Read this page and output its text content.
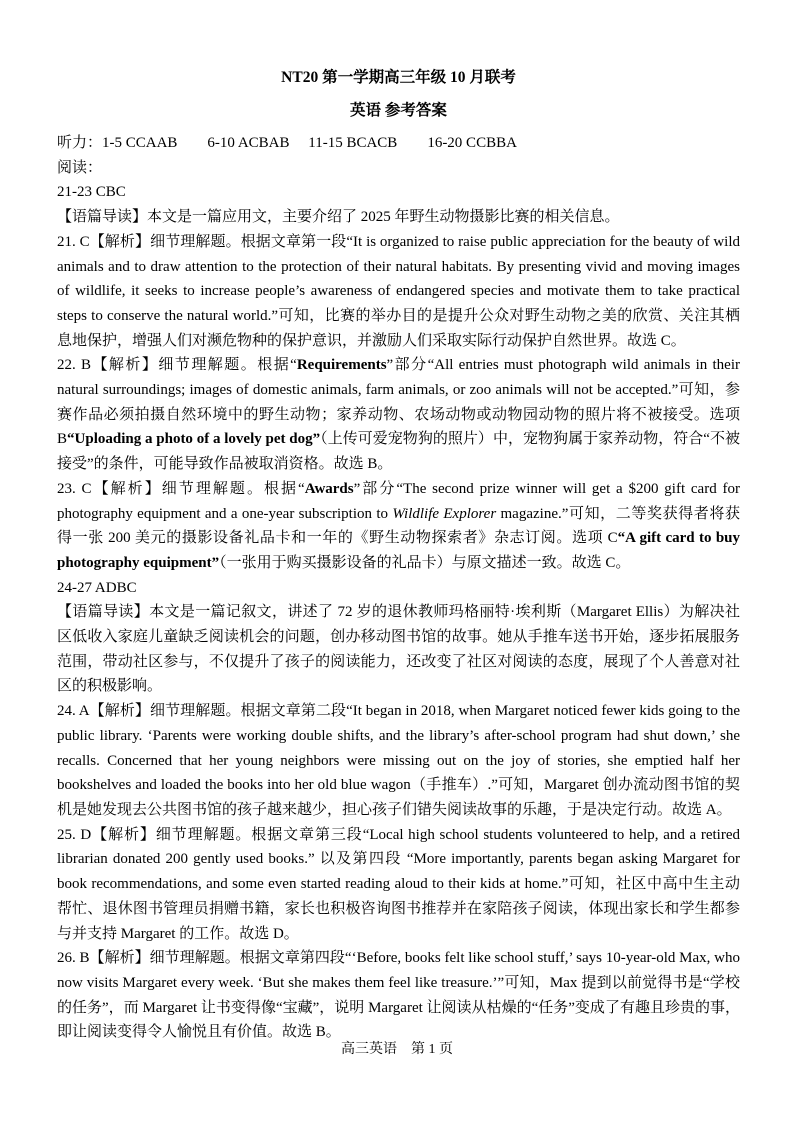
NT20 第一学期高三年级 10 月联考
英语 参考答案
听力：1-5 CCAAB　　6-10 ACBAB　 11-15 BCACB　　16-20 CCBBA
阅读：
21-23 CBC
【语篇导读】本文是一篇应用文，主要介绍了 2025 年野生动物摄影比赛的相关信息。
21. C【解析】细节理解题。根据文章第一段“It is organized to raise public appreciation for the beauty of wild animals and to draw attention to the protection of their natural habitats. By presenting vivid and moving images of wildlife, it seeks to increase people’s awareness of endangered species and motivate them to take practical steps to conserve the natural world.”可知，比赛的举办目的是提升公众对野生动物之美的欣赏、关注其栖息地保护，增强人们对濒危物种的保护意识，并激励人们采取实际行动保护自然世界。故选 C。
22. B【解析】细节理解题。根据“Requirements”部分“All entries must photograph wild animals in their natural surroundings; images of domestic animals, farm animals, or zoo animals will not be accepted.”可知，参赛作品必须拍摄自然环境中的野生动物；家养动物、农场动物或动物园动物的照片将不被接受。选项 B“Uploading a photo of a lovely pet dog”（上传可爱宠物狗的照片）中，宠物狗属于家养动物，符合“不被接受”的条件，可能导致作品被取消资格。故选 B。
23. C【解析】细节理解题。根据“Awards”部分“The second prize winner will get a $200 gift card for photography equipment and a one-year subscription to Wildlife Explorer magazine.”可知，二等奖获得者将获得一张 200 美元的摄影设备礼品卡和一年的《野生动物探索者》杂志订阅。选项 C“A gift card to buy photography equipment”（一张用于购买摄影设备的礼品卡）与原文描述一致。故选 C。
24-27 ADBC
【语篇导读】本文是一篇记叙文，讲述了 72 岁的退休教师玛格丽特·埃利斯（Margaret Ellis）为解决社区低收入家庭儿童缺乏阅读机会的问题，创办移动图书馆的故事。她从手推车送书开始，逐步拓展服务范围，带动社区参与，不仅提升了孩子的阅读能力，还改变了社区对阅读的态度，展现了个人善意对社区的积极影响。
24. A【解析】细节理解题。根据文章第二段“It began in 2018, when Margaret noticed fewer kids going to the public library. ‘Parents were working double shifts, and the library’s after-school program had shut down,’ she recalls. Concerned that her young neighbors were missing out on the joy of stories, she emptied half her bookshelves and loaded the books into her old blue wagon（手推车）.”可知，Margaret 创办流动图书馆的契机是她发现去公共图书馆的孩子越来越少，担心孩子们错失阅读故事的乐趣，于是决定行动。故选 A。
25. D【解析】细节理解题。根据文章第三段“Local high school students volunteered to help, and a retired librarian donated 200 gently used books.” 以及第四段 “More importantly, parents began asking Margaret for book recommendations, and some even started reading aloud to their kids at home.”可知，社区中高中生主动帮忙、退休图书管理员捐赠书籍，家长也积极咨询图书推荐并在家陪孩子阅读，体现出家长和学生都参与并支持 Margaret 的工作。故选 D。
26. B【解析】细节理解题。根据文章第四段“‘Before, books felt like school stuff,’ says 10-year-old Max, who now visits Margaret every week. ‘But she makes them feel like treasure.’”可知，Max 提到以前觉得书是“学校的任务”，而 Margaret 让书变得像“宝藏”，说明 Margaret 让阅读从枯燥的“任务”变成了有趣且珍贵的事，即让阅读变得令人愉悦且有价值。故选 B。
高三英语　第 1 页
